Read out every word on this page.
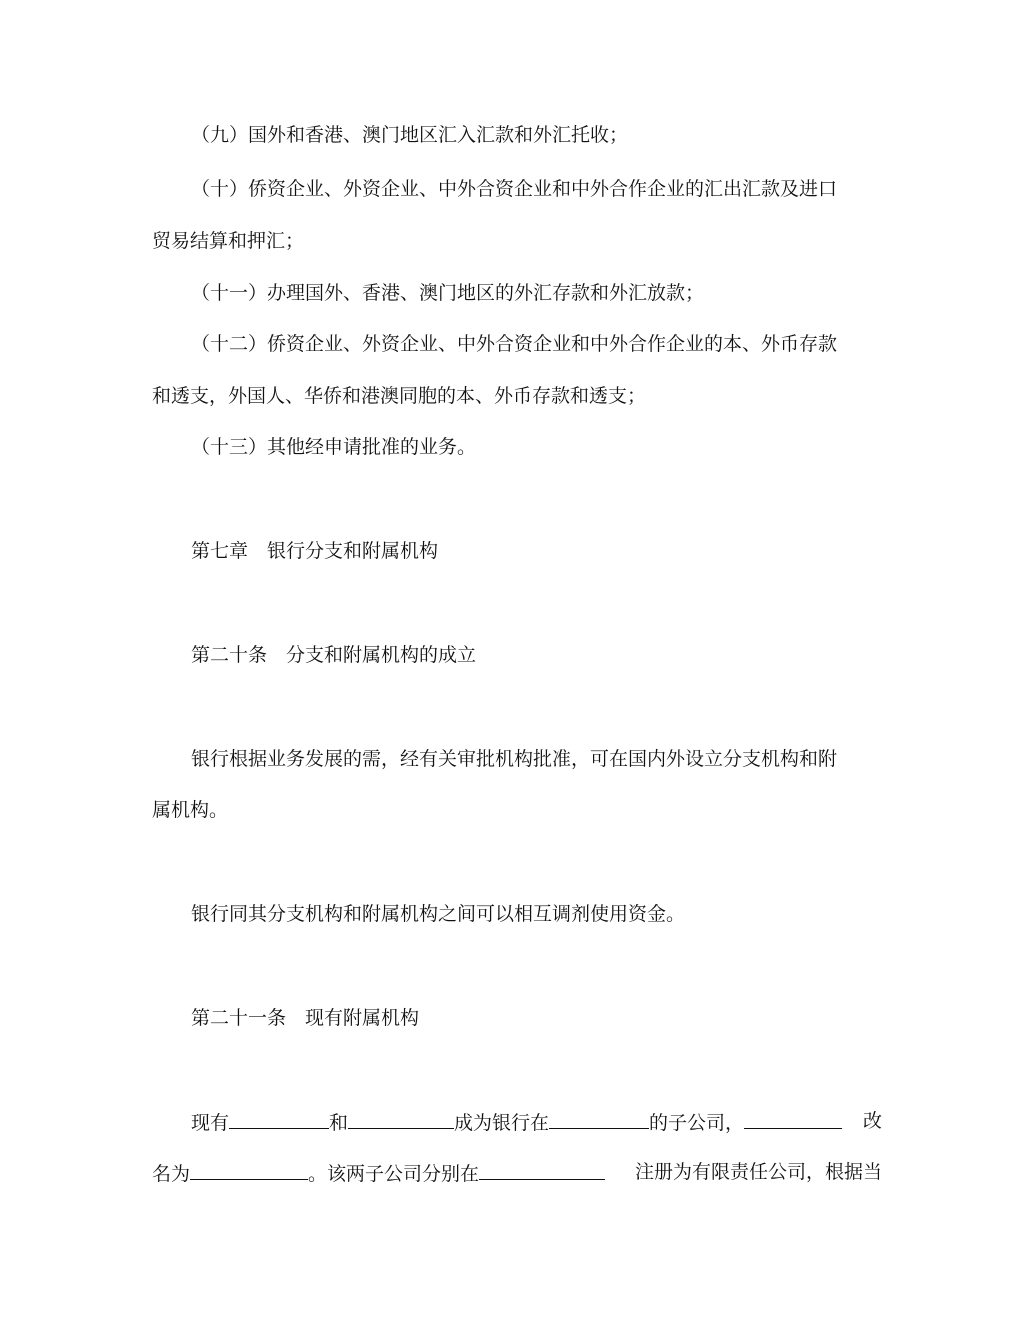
（九）国外和香港、澳门地区汇入汇款和外汇托收；
（十）侨资企业、外资企业、中外合资企业和中外合作企业的汇出汇款及进口
贸易结算和押汇；
（十一）办理国外、香港、澳门地区的外汇存款和外汇放款；
（十二）侨资企业、外资企业、中外合资企业和中外合作企业的本、外币存款
和透支，外国人、华侨和港澳同胞的本、外币存款和透支；
（十三）其他经申请批准的业务。
第七章　银行分支和附属机构
第二十条　分支和附属机构的成立
银行根据业务发展的需，经有关审批机构批准，可在国内外设立分支机构和附
属机构。
银行同其分支机构和附属机构之间可以相互调剂使用资金。
第二十一条　现有附属机构
现有	和	成为银行在	的子公司，	改
名为	。该两子公司分别在	注册为有限责任公司，根据当
